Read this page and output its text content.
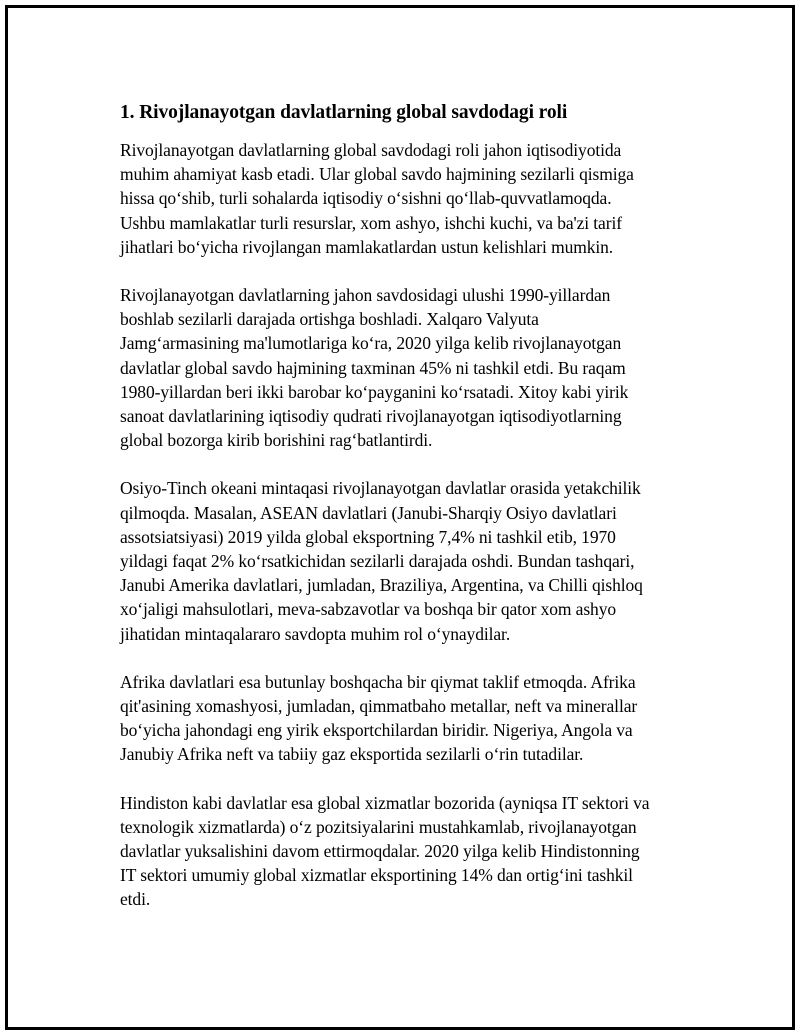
1. Rivojlanayotgan davlatlarning global savdodagi roli

Rivojlanayotgan davlatlarning global savdodagi roli jahon iqtisodiyotida
muhim ahamiyat kasb etadi. Ular global savdo hajmining sezilarli qismiga
hissa qo‘shib, turli sohalarda iqtisodiy o‘sishni qo‘llab-quvvatlamoqda.
Ushbu mamlakatlar turli resurslar, xom ashyo, ishchi kuchi, va ba'zi tarif
jihatlari bo‘yicha rivojlangan mamlakatlardan ustun kelishlari mumkin.

Rivojlanayotgan davlatlarning jahon savdosidagi ulushi 1990-yillardan
boshlab sezilarli darajada ortishga boshladi. Xalqaro Valyuta
Jamg‘armasining ma'lumotlariga ko‘ra, 2020 yilga kelib rivojlanayotgan
davlatlar global savdo hajmining taxminan 45% ni tashkil etdi. Bu raqam
1980-yillardan beri ikki barobar ko‘payganini ko‘rsatadi. Xitoy kabi yirik
sanoat davlatlarining iqtisodiy qudrati rivojlanayotgan iqtisodiyotlarning
global bozorga kirib borishini rag‘batlantirdi.

Osiyo-Tinch okeani mintaqasi rivojlanayotgan davlatlar orasida yetakchilik
qilmoqda. Masalan, ASEAN davlatlari (Janubi-Sharqiy Osiyo davlatlari
assotsiatsiyasi) 2019 yilda global eksportning 7,4% ni tashkil etib, 1970
yildagi faqat 2% ko‘rsatkichidan sezilarli darajada oshdi. Bundan tashqari,
Janubi Amerika davlatlari, jumladan, Braziliya, Argentina, va Chilli qishloq
xo‘jaligi mahsulotlari, meva-sabzavotlar va boshqa bir qator xom ashyo
jihatidan mintaqalararo savdopta muhim rol o‘ynaydilar.

Afrika davlatlari esa butunlay boshqacha bir qiymat taklif etmoqda. Afrika
qit'asining xomashyosi, jumladan, qimmatbaho metallar, neft va minerallar
bo‘yicha jahondagi eng yirik eksportchilardan biridir. Nigeriya, Angola va
Janubiy Afrika neft va tabiiy gaz eksportida sezilarli o‘rin tutadilar.

Hindiston kabi davlatlar esa global xizmatlar bozorida (ayniqsa IT sektori va
texnologik xizmatlarda) o‘z pozitsiyalarini mustahkamlab, rivojlanayotgan
davlatlar yuksalishini davom ettirmoqdalar. 2020 yilga kelib Hindistonning
IT sektori umumiy global xizmatlar eksportining 14% dan ortig‘ini tashkil
etdi.
